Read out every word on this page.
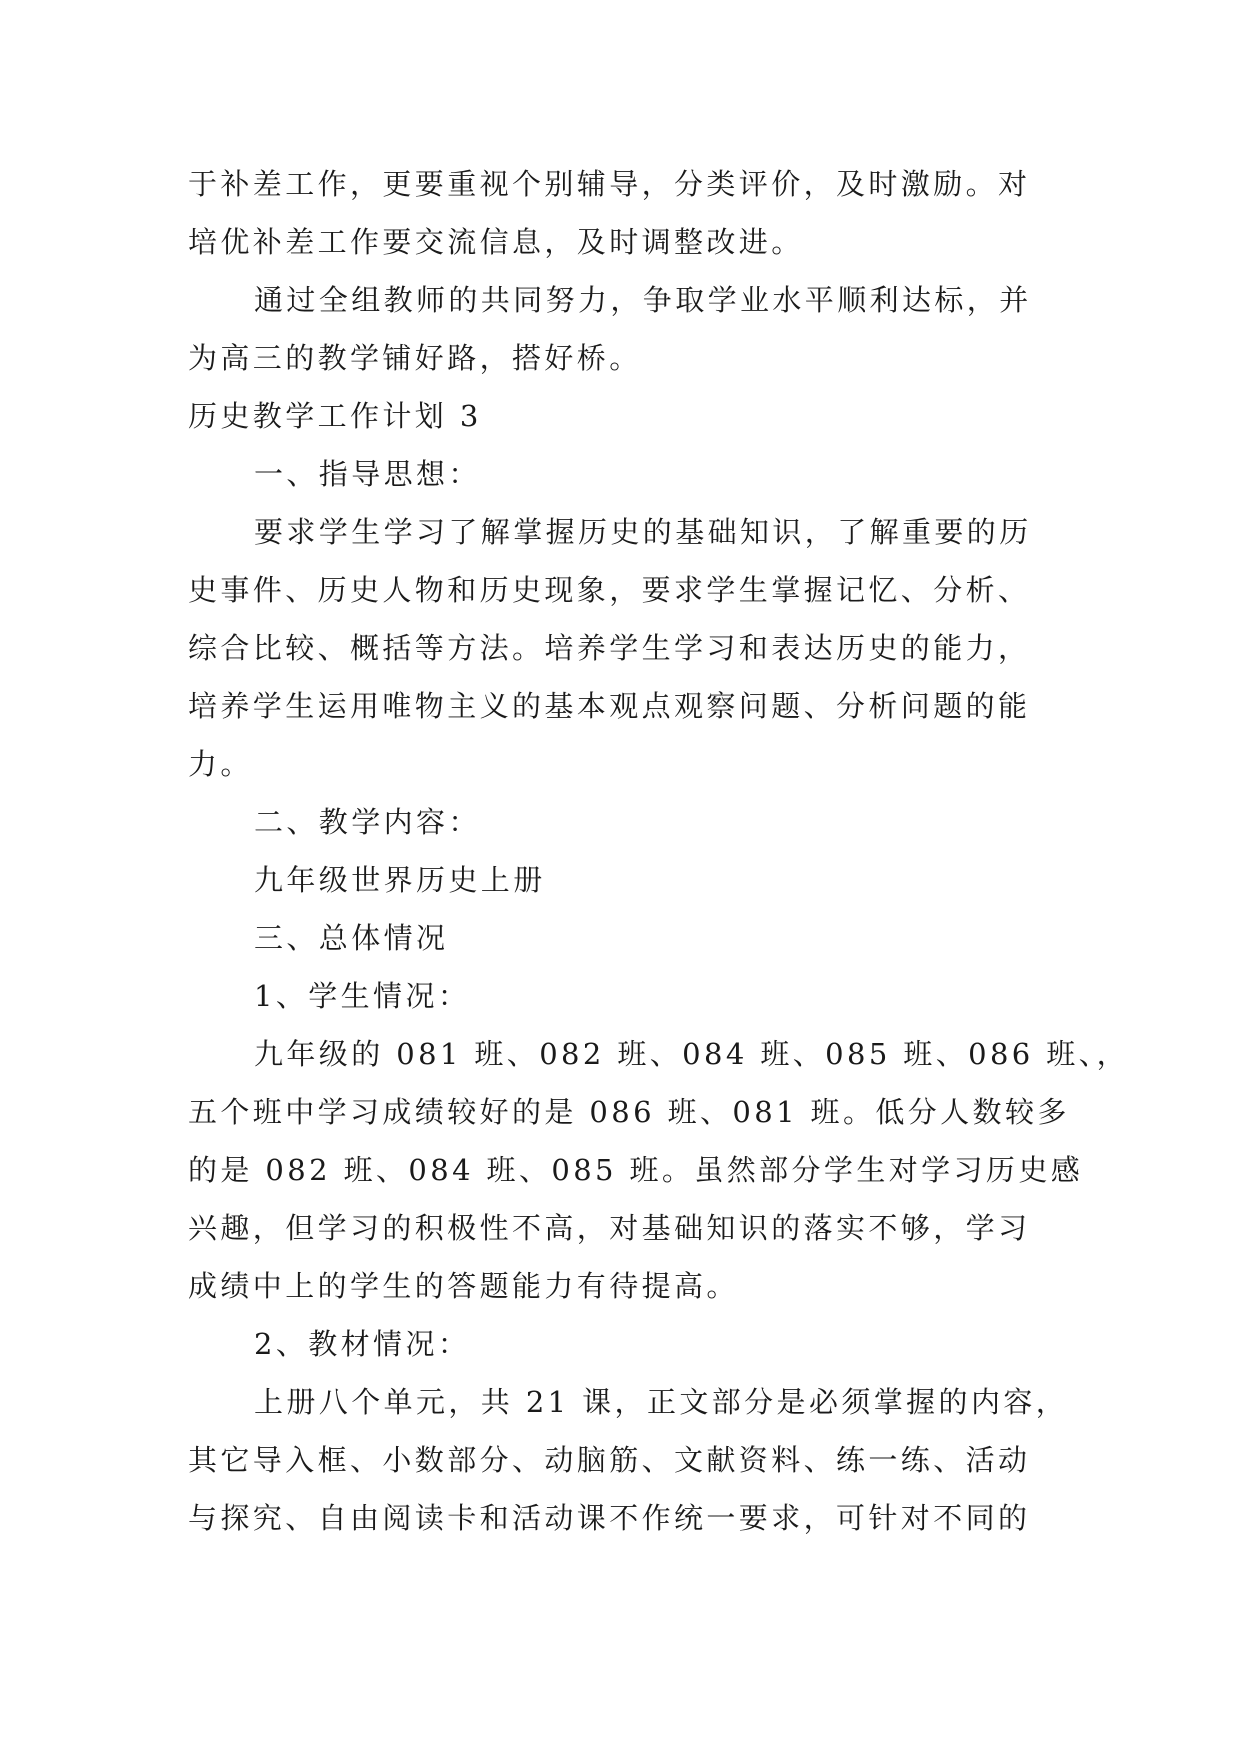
于补差工作，更要重视个别辅导，分类评价，及时激励。对
培优补差工作要交流信息，及时调整改进。
通过全组教师的共同努力，争取学业水平顺利达标，并
为高三的教学铺好路，搭好桥。
历史教学工作计划 3
一、指导思想：
要求学生学习了解掌握历史的基础知识，了解重要的历
史事件、历史人物和历史现象，要求学生掌握记忆、分析、
综合比较、概括等方法。培养学生学习和表达历史的能力，
培养学生运用唯物主义的基本观点观察问题、分析问题的能
力。
二、教学内容：
九年级世界历史上册
三、总体情况
1、学生情况：
九年级的 081 班、082 班、084 班、085 班、086 班、，
五个班中学习成绩较好的是 086 班、081 班。低分人数较多
的是 082 班、084 班、085 班。虽然部分学生对学习历史感
兴趣，但学习的积极性不高，对基础知识的落实不够，学习
成绩中上的学生的答题能力有待提高。
2、教材情况：
上册八个单元，共 21 课，正文部分是必须掌握的内容，
其它导入框、小数部分、动脑筋、文献资料、练一练、活动
与探究、自由阅读卡和活动课不作统一要求，可针对不同的
